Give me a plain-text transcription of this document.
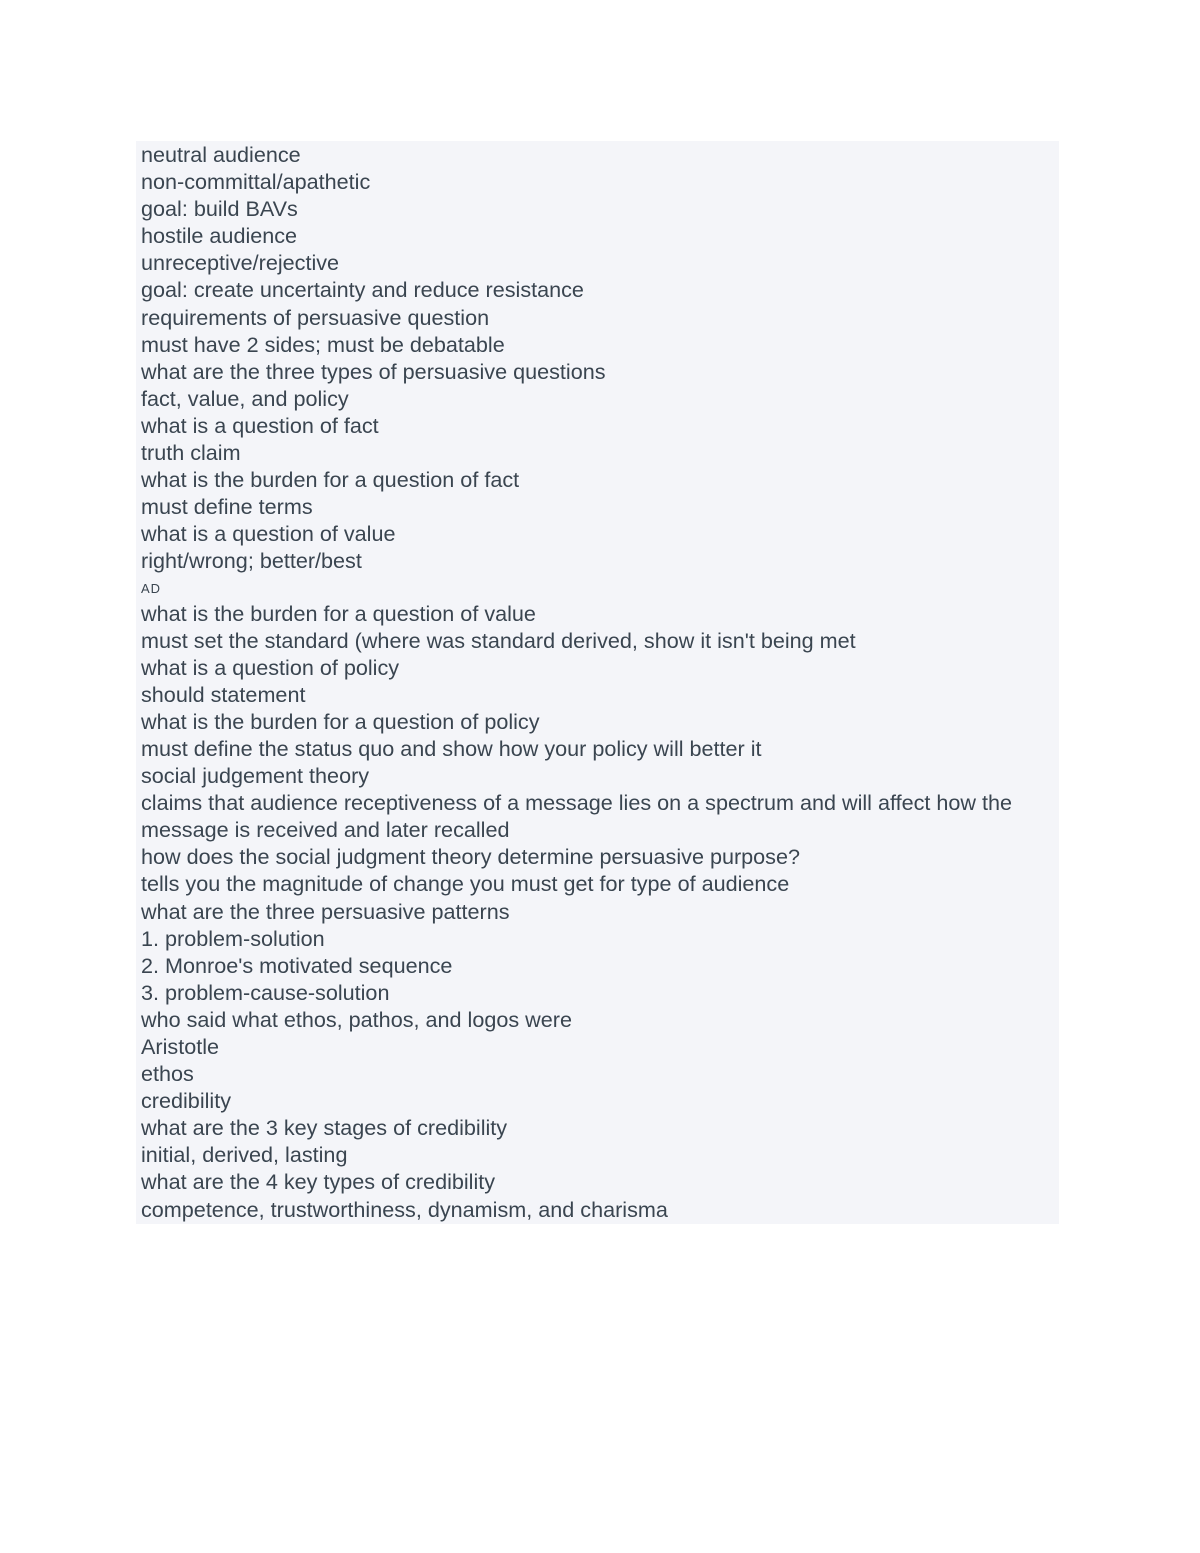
neutral audience
non-committal/apathetic
goal: build BAVs
hostile audience
unreceptive/rejective
goal: create uncertainty and reduce resistance
requirements of persuasive question
must have 2 sides; must be debatable
what are the three types of persuasive questions
fact, value, and policy
what is a question of fact
truth claim
what is the burden for a question of fact
must define terms
what is a question of value
right/wrong; better/best
AD
what is the burden for a question of value
must set the standard (where was standard derived, show it isn't being met
what is a question of policy
should statement
what is the burden for a question of policy
must define the status quo and show how your policy will better it
social judgement theory
claims that audience receptiveness of a message lies on a spectrum and will affect how the message is received and later recalled
how does the social judgment theory determine persuasive purpose?
tells you the magnitude of change you must get for type of audience
what are the three persuasive patterns
1. problem-solution
2. Monroe's motivated sequence
3. problem-cause-solution
who said what ethos, pathos, and logos were
Aristotle
ethos
credibility
what are the 3 key stages of credibility
initial, derived, lasting
what are the 4 key types of credibility
competence, trustworthiness, dynamism, and charisma
